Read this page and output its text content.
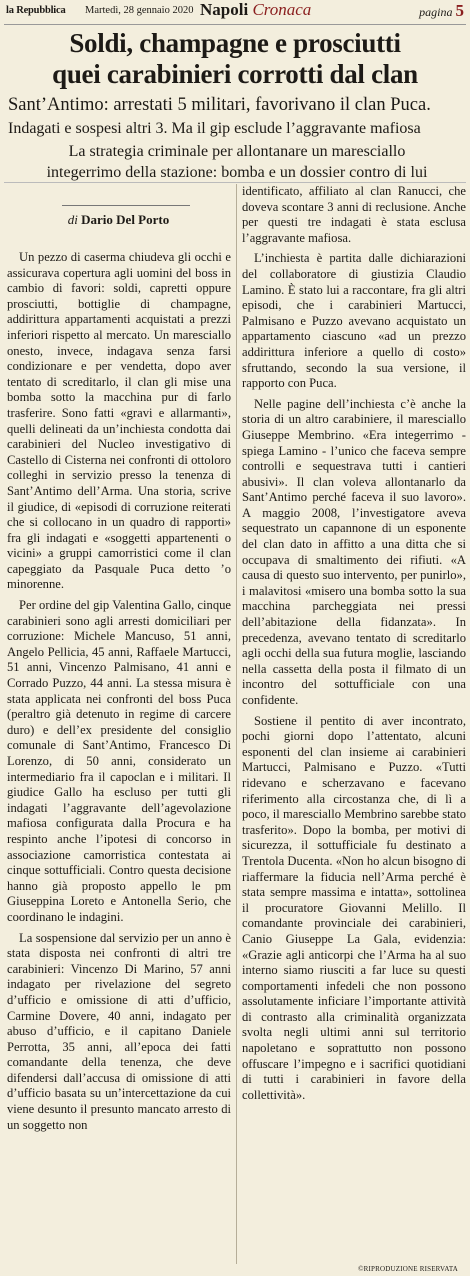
la Repubblica Martedì, 28 gennaio 2020 Napoli Cronaca	pagina 5
Soldi, champagne e prosciutti
quei carabinieri corrotti dal clan
Sant’Antimo: arrestati 5 militari, favorivano il clan Puca.
Indagati e sospesi altri 3. Ma il gip esclude l’aggravante mafiosa
La strategia criminale per allontanare un maresciallo
integerrimo della stazione: bomba e un dossier contro di lui
di Dario Del Porto

Un pezzo di caserma chiudeva gli occhi e assicurava copertura agli uomini del boss in cambio di favori: soldi, capretti oppure prosciutti, bottiglie di champagne, addirittura appartamenti acquistati a prezzi inferiori rispetto al mercato. Un maresciallo onesto, invece, indagava senza farsi condizionare e per vendetta, dopo aver tentato di screditarlo, il clan gli mise una bomba sotto la macchina pur di farlo trasferire. Sono fatti «gravi e allarmanti», quelli delineati da un’inchiesta condotta dai carabinieri del Nucleo investigativo di Castello di Cisterna nei confronti di ottoloro colleghi in servizio presso la tenenza di Sant’Antimo dell’Arma. Una storia, scrive il giudice, di «episodi di corruzione reiterati che si collocano in un quadro di rapporti» fra gli indagati e «soggetti appartenenti o vicini» a gruppi camorristici come il clan capeggiato da Pasquale Puca detto ’o minorenne.

Per ordine del gip Valentina Gallo, cinque carabinieri sono agli arresti domiciliari per corruzione: Michele Mancuso, 51 anni, Angelo Pellicia, 45 anni, Raffaele Martucci, 51 anni, Vincenzo Palmisano, 41 anni e Corrado Puzzo, 44 anni. La stessa misura è stata applicata nei confronti del boss Puca (peraltro già detenuto in regime di carcere duro) e dell’ex presidente del consiglio comunale di Sant’Antimo, Francesco Di Lorenzo, di 50 anni, considerato un intermediario fra il capoclan e i militari. Il giudice Gallo ha escluso per tutti gli indagati l’aggravante dell’agevolazione mafiosa configurata dalla Procura e ha respinto anche l’ipotesi di concorso in associazione camorristica contestata ai cinque sottufficiali. Contro questa decisione hanno già proposto appello le pm Giuseppina Loreto e Antonella Serio, che coordinano le indagini.

La sospensione dal servizio per un anno è stata disposta nei confronti di altri tre carabinieri: Vincenzo Di Marino, 57 anni indagato per rivelazione del segreto d’ufficio e omissione di atti d’ufficio, Carmine Dovere, 40 anni, indagato per abuso d’ufficio, e il capitano Daniele Perrotta, 35 anni, all’epoca dei fatti comandante della tenenza, che deve difendersi dall’accusa di omissione di atti d’ufficio basata su un’intercettazione da cui viene desunto il presunto mancato arresto di un soggetto non

identificato, affiliato al clan Ranucci, che doveva scontare 3 anni di reclusione. Anche per questi tre indagati è stata esclusa l’aggravante mafiosa.

L’inchiesta è partita dalle dichiarazioni del collaboratore di giustizia Claudio Lamino. È stato lui a raccontare, fra gli altri episodi, che i carabinieri Martucci, Palmisano e Puzzo avevano acquistato un appartamento ciascuno «ad un prezzo addirittura inferiore a quello di costo» sfruttando, secondo la sua versione, il rapporto con Puca.

Nelle pagine dell’inchiesta c’è anche la storia di un altro carabiniere, il maresciallo Giuseppe Membrino. «Era integerrimo - spiega Lamino - l’unico che faceva sempre controlli e sequestrava tutti i cantieri abusivi». Il clan voleva allontanarlo da Sant’Antimo perché faceva il suo lavoro». A maggio 2008, l’investigatore aveva sequestrato un capannone di un esponente del clan dato in affitto a una ditta che si occupava di smaltimento dei rifiuti. «A causa di questo suo intervento, per punirlo», i malavitosi «misero una bomba sotto la sua macchina parcheggiata nei pressi dell’abitazione della fidanzata». In precedenza, avevano tentato di screditarlo agli occhi della sua futura moglie, lasciando nella cassetta della posta il filmato di un incontro del sottufficiale con una confidente.

Sostiene il pentito di aver incontrato, pochi giorni dopo l’attentato, alcuni esponenti del clan insieme ai carabinieri Martucci, Palmisano e Puzzo. «Tutti ridevano e scherzavano e facevano riferimento alla circostanza che, di lì a poco, il maresciallo Membrino sarebbe stato trasferito». Dopo la bomba, per motivi di sicurezza, il sottufficiale fu destinato a Trentola Ducenta. «Non ho alcun bisogno di riaffermare la fiducia nell’Arma perché è stata sempre massima e intatta», sottolinea il procuratore Giovanni Melillo. Il comandante provinciale dei carabinieri, Canio Giuseppe La Gala, evidenzia: «Grazie agli anticorpi che l’Arma ha al suo interno siamo riusciti a far luce su questi comportamenti infedeli che non possono assolutamente inficiare l’importante attività di contrasto alla criminalità organizzata svolta negli ultimi anni sul territorio napoletano e soprattutto non possono offuscare l’impegno e i sacrifici quotidiani di tutti i carabinieri in favore della collettività».

©RIPRODUZIONE RISERVATA
